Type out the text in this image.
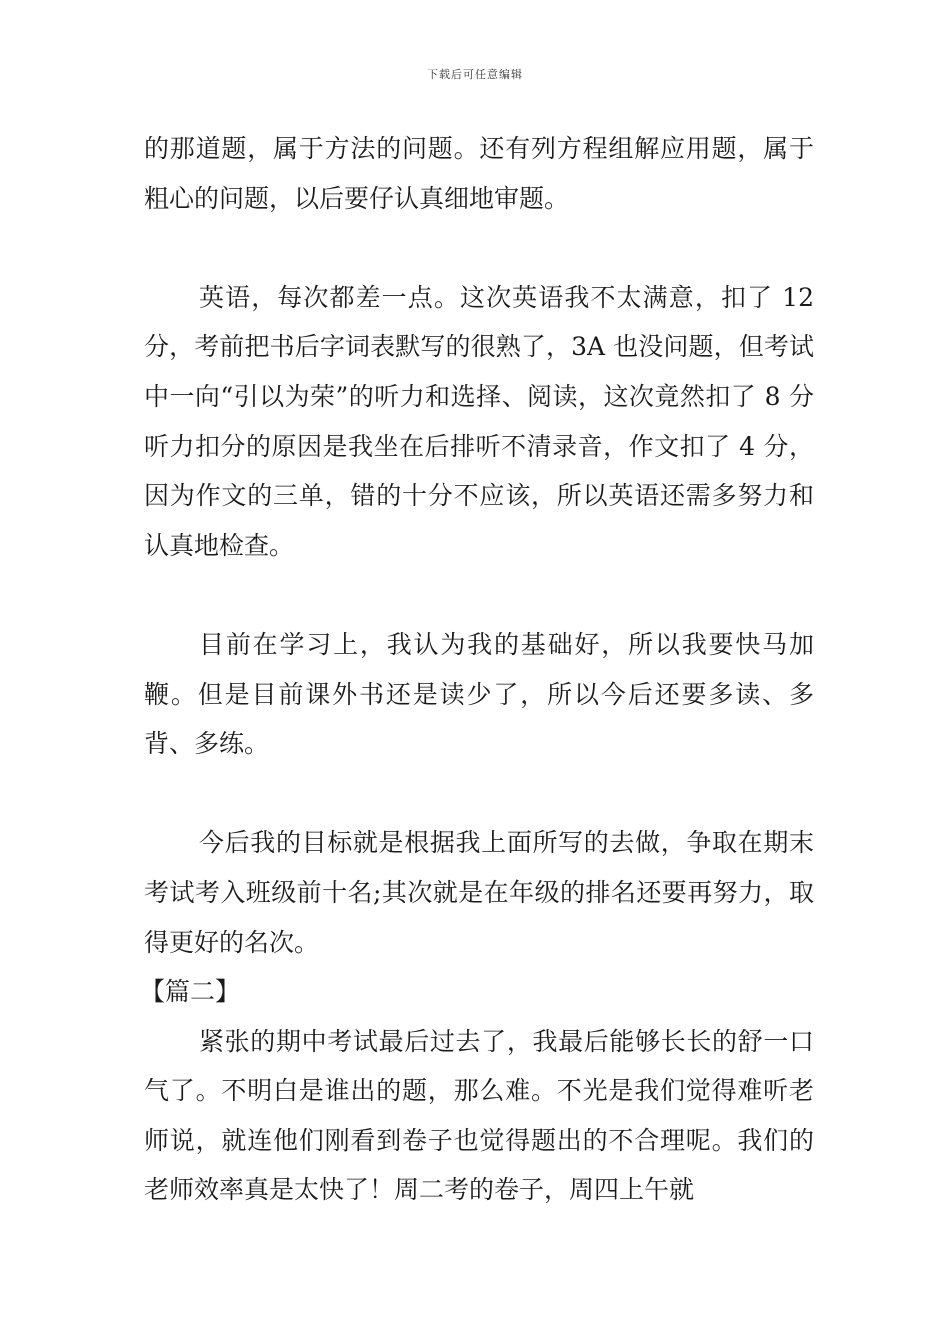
下载后可任意编辑

的那道题，属于方法的问题。还有列方程组解应用题，属于粗心的问题，以后要仔认真细地审题。

英语，每次都差一点。这次英语我不太满意，扣了 12 分，考前把书后字词表默写的很熟了，3A 也没问题，但考试中一向“引以为荣”的听力和选择、阅读，这次竟然扣了 8 分听力扣分的原因是我坐在后排听不清录音，作文扣了 4 分，因为作文的三单，错的十分不应该，所以英语还需多努力和认真地检查。

目前在学习上，我认为我的基础好，所以我要快马加鞭。但是目前课外书还是读少了，所以今后还要多读、多背、多练。

今后我的目标就是根据我上面所写的去做，争取在期末考试考入班级前十名;其次就是在年级的排名还要再努力，取得更好的名次。

【篇二】

紧张的期中考试最后过去了，我最后能够长长的舒一口气了。不明白是谁出的题，那么难。不光是我们觉得难听老师说，就连他们刚看到卷子也觉得题出的不合理呢。我们的老师效率真是太快了！周二考的卷子，周四上午就
